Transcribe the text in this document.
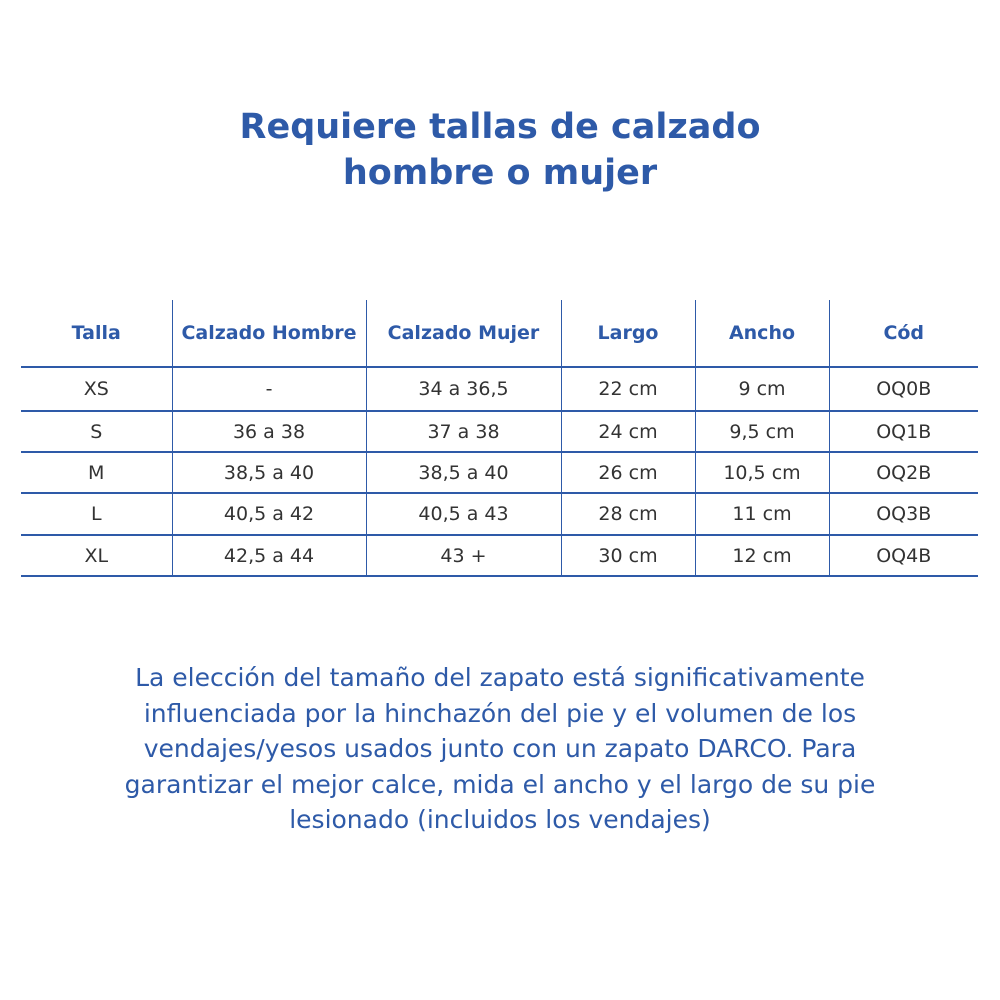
Requiere tallas de calzado
hombre o mujer
Talla	Calzado Hombre	Calzado Mujer	Largo	Ancho	Cód
XS	-	34 a 36,5	22 cm	9 cm	OQ0B
S	36 a 38	37 a 38	24 cm	9,5 cm	OQ1B
M	38,5 a 40	38,5 a 40	26 cm	10,5 cm	OQ2B
L	40,5 a 42	40,5 a 43	28 cm	11 cm	OQ3B
XL	42,5 a 44	43 +	30 cm	12 cm	OQ4B

La elección del tamaño del zapato está significativamente
influenciada por la hinchazón del pie y el volumen de los
vendajes/yesos usados junto con un zapato DARCO. Para
garantizar el mejor calce, mida el ancho y el largo de su pie
lesionado (incluidos los vendajes)
